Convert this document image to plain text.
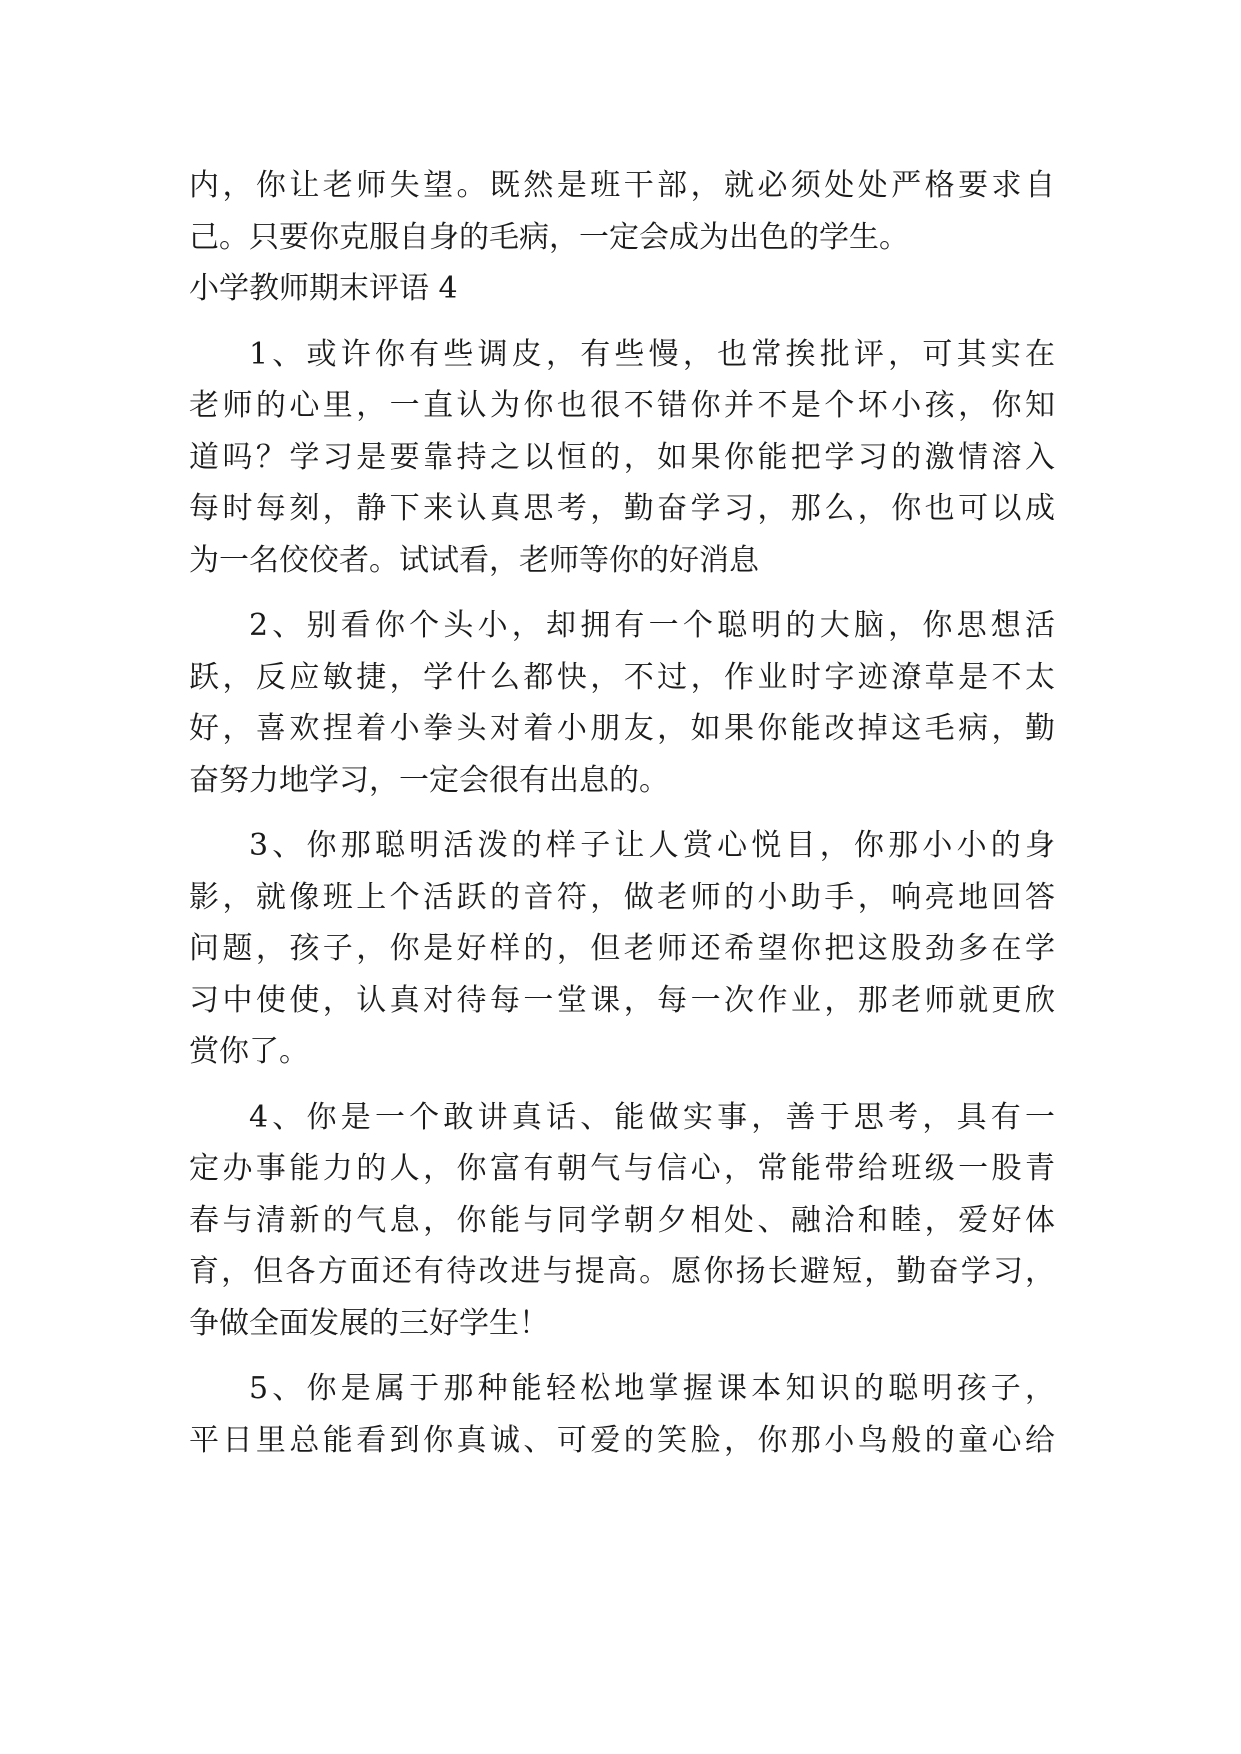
内，你让老师失望。既然是班干部，就必须处处严格要求自
己。只要你克服自身的毛病，一定会成为出色的学生。
小学教师期末评语 4
1、或许你有些调皮，有些慢，也常挨批评，可其实在
老师的心里，一直认为你也很不错你并不是个坏小孩，你知
道吗？学习是要靠持之以恒的，如果你能把学习的激情溶入
每时每刻，静下来认真思考，勤奋学习，那么，你也可以成
为一名佼佼者。试试看，老师等你的好消息
2、别看你个头小，却拥有一个聪明的大脑，你思想活
跃，反应敏捷，学什么都快，不过，作业时字迹潦草是不太
好，喜欢捏着小拳头对着小朋友，如果你能改掉这毛病，勤
奋努力地学习，一定会很有出息的。
3、你那聪明活泼的样子让人赏心悦目，你那小小的身
影，就像班上个活跃的音符，做老师的小助手，响亮地回答
问题，孩子，你是好样的，但老师还希望你把这股劲多在学
习中使使，认真对待每一堂课，每一次作业，那老师就更欣
赏你了。
4、你是一个敢讲真话、能做实事，善于思考，具有一
定办事能力的人，你富有朝气与信心，常能带给班级一股青
春与清新的气息，你能与同学朝夕相处、融洽和睦，爱好体
育，但各方面还有待改进与提高。愿你扬长避短，勤奋学习，
争做全面发展的三好学生！
5、你是属于那种能轻松地掌握课本知识的聪明孩子，
平日里总能看到你真诚、可爱的笑脸，你那小鸟般的童心给
